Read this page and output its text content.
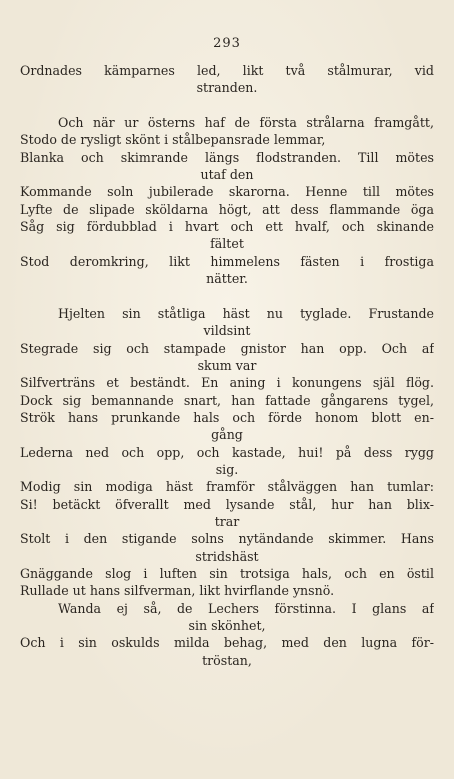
293
Ordnades kämparnes led, likt två stålmurar, vid
stranden.
Och när ur österns haf de första strålarna framgått,
Stodo de rysligt skönt i stålbepansrade lemmar,
Blanka och skimrande längs flodstranden. Till mötes
utaf den
Kommande soln jubilerade skarorna. Henne till mötes
Lyfte de slipade sköldarna högt, att dess flammande öga
Såg sig fördubblad i hvart och ett hvalf, och skinande
fältet
Stod deromkring, likt himmelens fästen i frostiga
nätter.
Hjelten sin ståtliga häst nu tyglade. Frustande
vildsint
Stegrade sig och stampade gnistor han opp. Och af
skum var
Silfverträns et beständt. En aning i konungens själ flög.
Dock sig bemannande snart, han fattade gångarens tygel,
Strök hans prunkande hals och förde honom blott en-
gång
Lederna ned och opp, och kastade, hui! på dess rygg
sig.
Modig sin modiga häst framför stålväggen han tumlar:
Si! betäckt öfverallt med lysande stål, hur han blix-
trar
Stolt i den stigande solns nytändande skimmer. Hans
stridshäst
Gnäggande slog i luften sin trotsiga hals, och en östil
Rullade ut hans silfverman, likt hvirflande ynsnö.
Wanda ej så, de Lechers förstinna. I glans af
sin skönhet,
Och i sin oskulds milda behag, med den lugna för-
tröstan,
